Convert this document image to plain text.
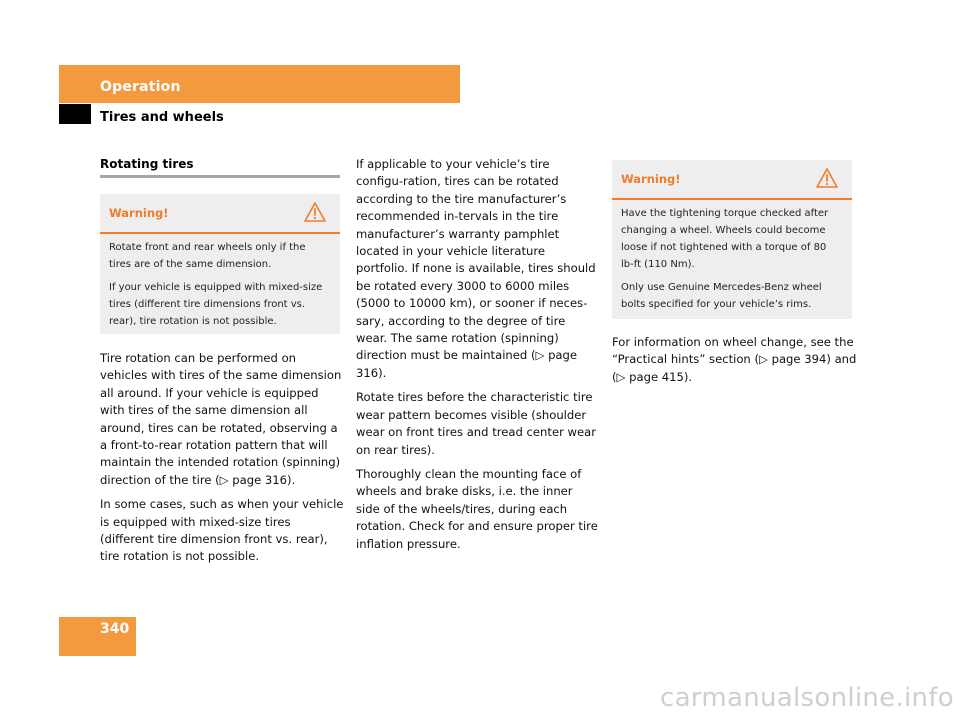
Operation
Tires and wheels
Rotating tires
Warning!

Rotate front and rear wheels only if the tires are of the same dimension.

If your vehicle is equipped with mixed-size tires (different tire dimensions front vs. rear), tire rotation is not possible.

Tire rotation can be performed on vehicles with tires of the same dimension all around. If your vehicle is equipped with tires of the same dimension all around, tires can be rotated, observing a a front-to-rear rotation pattern that will maintain the intended rotation (spinning) direction of the tire (▷ page 316).

In some cases, such as when your vehicle is equipped with mixed-size tires (different tire dimension front vs. rear), tire rotation is not possible.

If applicable to your vehicle’s tire configu-ration, tires can be rotated according to the tire manufacturer’s recommended in-tervals in the tire manufacturer’s warranty pamphlet located in your vehicle literature portfolio. If none is available, tires should be rotated every 3000 to 6000 miles (5000 to 10000 km), or sooner if neces-sary, according to the degree of tire wear. The same rotation (spinning) direction must be maintained (▷ page 316).

Rotate tires before the characteristic tire wear pattern becomes visible (shoulder wear on front tires and tread center wear on rear tires).

Thoroughly clean the mounting face of wheels and brake disks, i.e. the inner side of the wheels/tires, during each rotation. Check for and ensure proper tire inflation pressure.

Warning!

Have the tightening torque checked after changing a wheel. Wheels could become loose if not tightened with a torque of 80 lb-ft (110 Nm).

Only use Genuine Mercedes-Benz wheel bolts specified for your vehicle’s rims.

For information on wheel change, see the “Practical hints” section (▷ page 394) and (▷ page 415).

340
carmanualsonline.info
